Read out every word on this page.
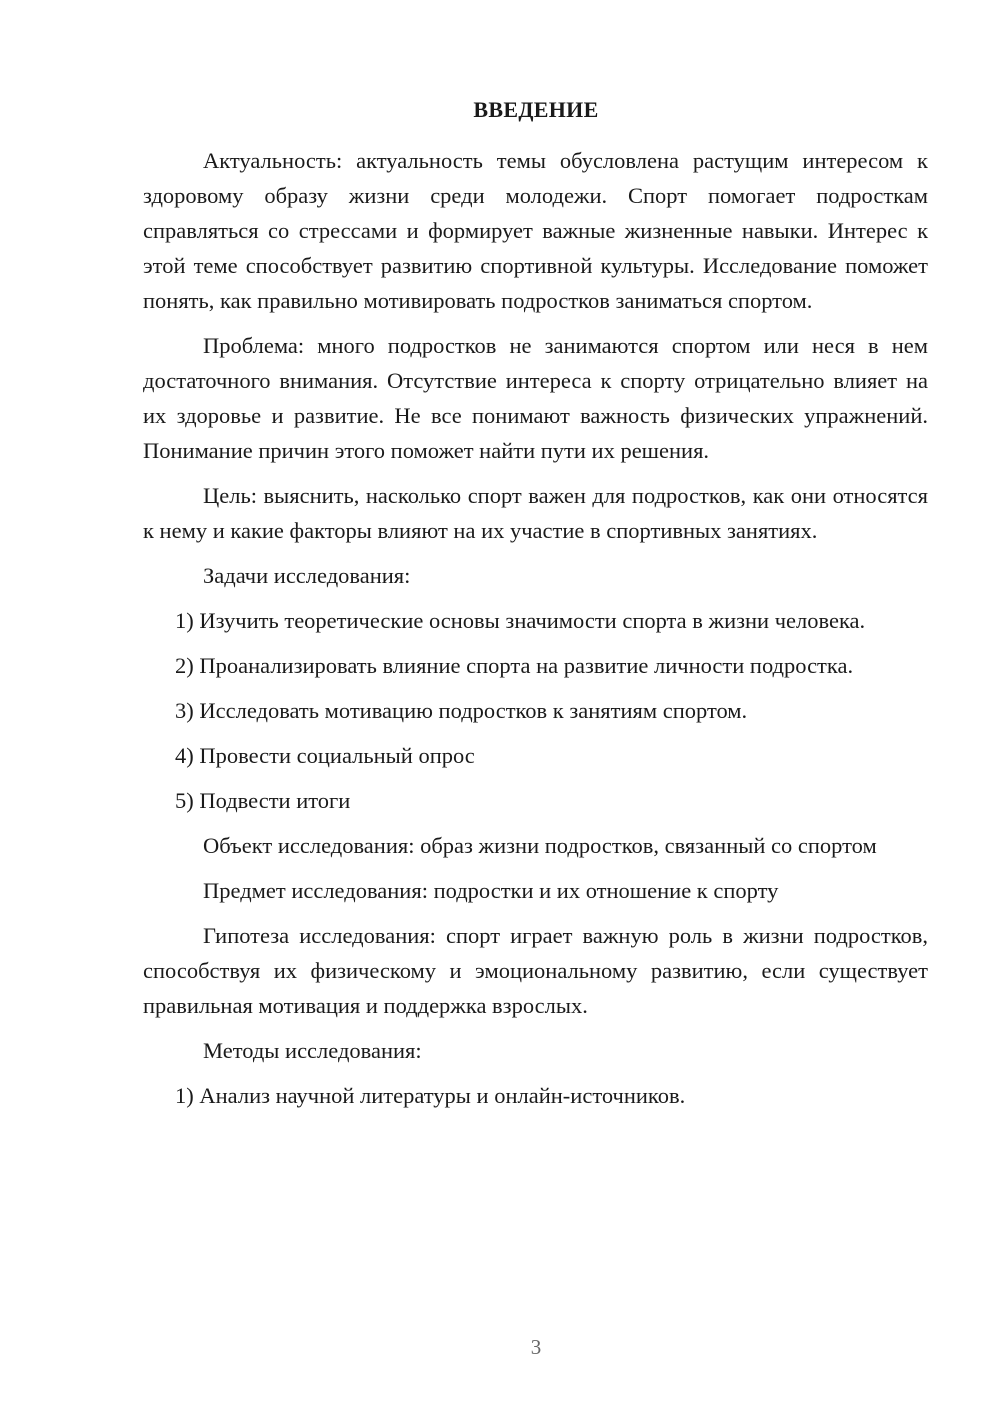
ВВЕДЕНИЕ

Актуальность: актуальность темы обусловлена растущим интересом к здоровому образу жизни среди молодежи. Спорт помогает подросткам справляться со стрессами и формирует важные жизненные навыки. Интерес к этой теме способствует развитию спортивной культуры. Исследование поможет понять, как правильно мотивировать подростков заниматься спортом.

Проблема: много подростков не занимаются спортом или неся в нем достаточного внимания. Отсутствие интереса к спорту отрицательно влияет на их здоровье и развитие. Не все понимают важность физических упражнений. Понимание причин этого поможет найти пути их решения.

Цель: выяснить, насколько спорт важен для подростков, как они относятся к нему и какие факторы влияют на их участие в спортивных занятиях.

Задачи исследования:

1) Изучить теоретические основы значимости спорта в жизни человека.

2) Проанализировать влияние спорта на развитие личности подростка.

3) Исследовать мотивацию подростков к занятиям спортом.

4) Провести социальный опрос

5) Подвести итоги

Объект исследования: образ жизни подростков, связанный со спортом

Предмет исследования: подростки и их отношение к спорту

Гипотеза исследования: спорт играет важную роль в жизни подростков, способствуя их физическому и эмоциональному развитию, если существует правильная мотивация и поддержка взрослых.

Методы исследования:

1) Анализ научной литературы и онлайн-источников.

3
